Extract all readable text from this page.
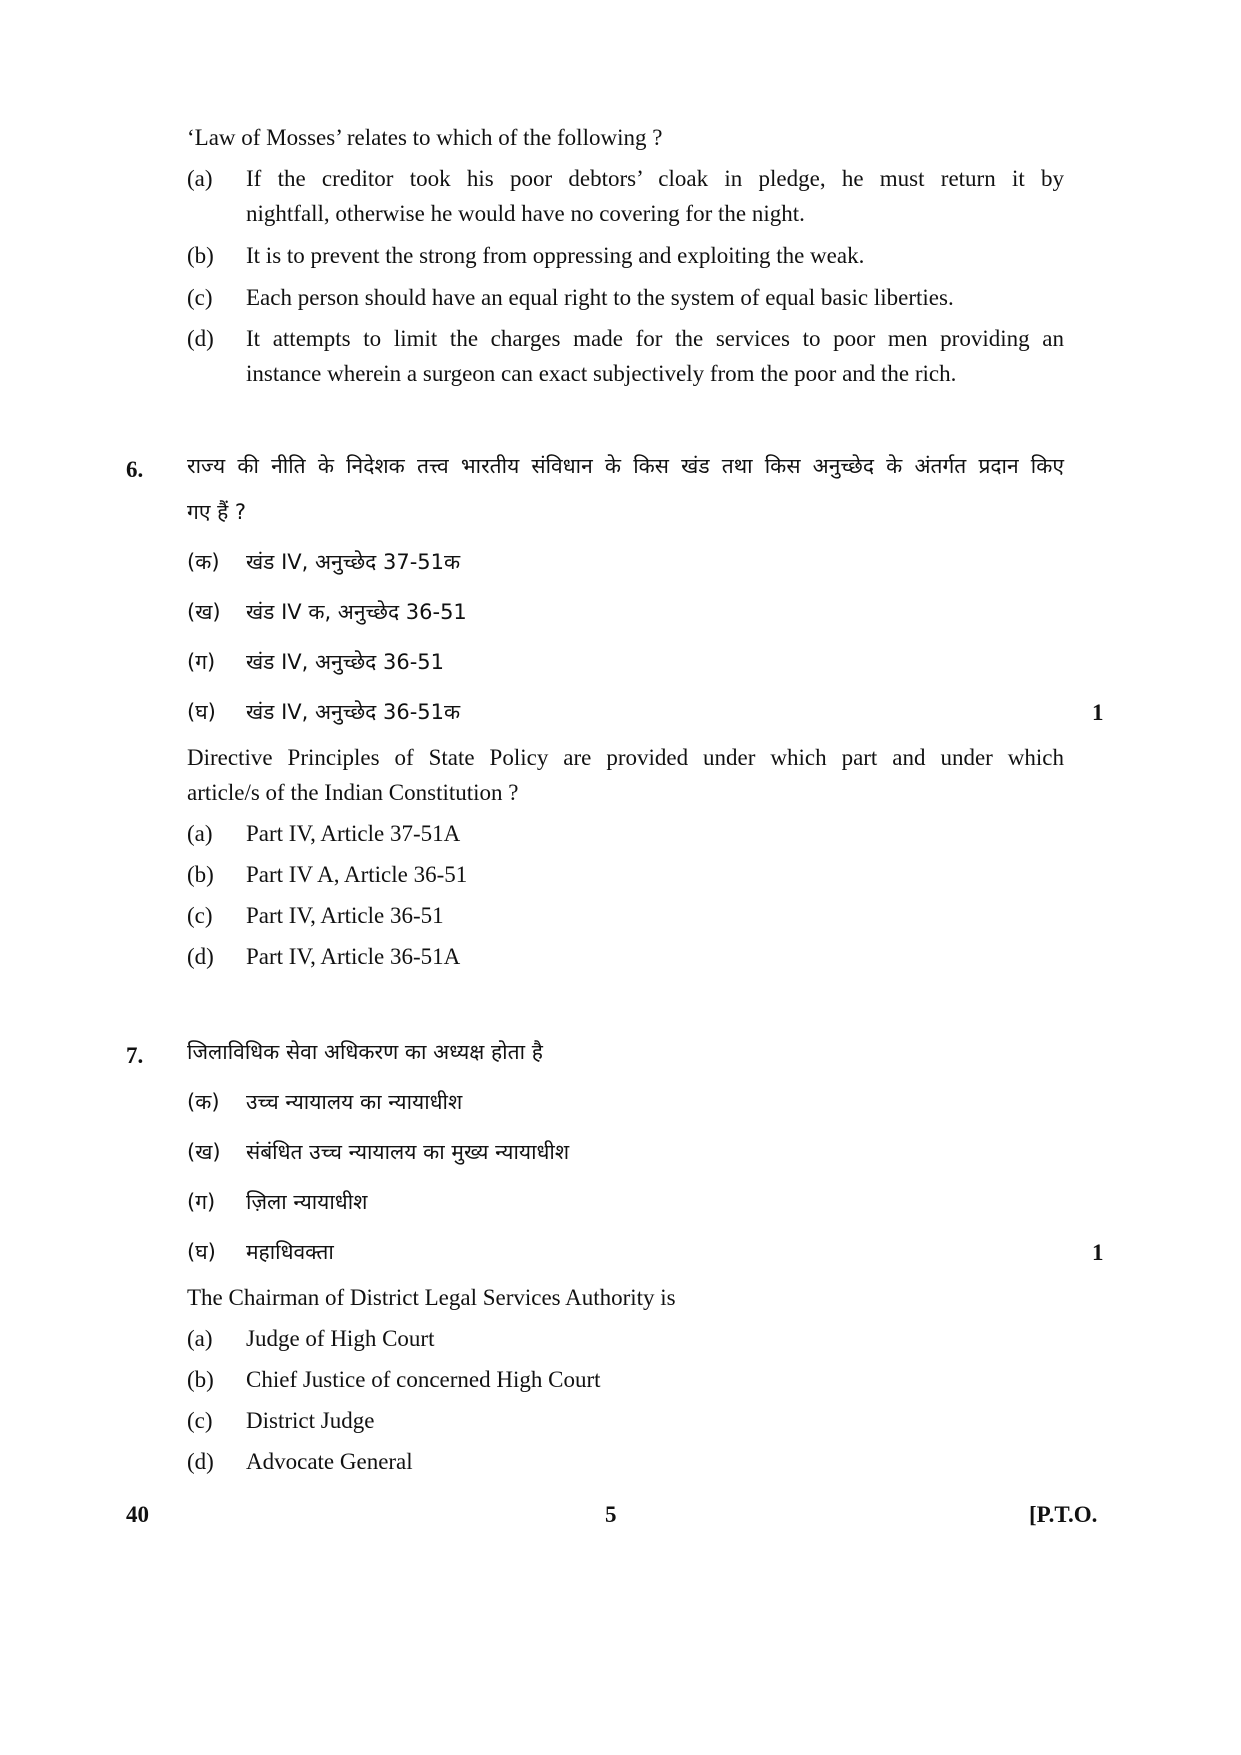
‘Law of Mosses’ relates to which of the following ?
(a) If the creditor took his poor debtors’ cloak in pledge, he must return it by
nightfall, otherwise he would have no covering for the night.
(b) It is to prevent the strong from oppressing and exploiting the weak.
(c) Each person should have an equal right to the system of equal basic liberties.
(d) It attempts to limit the charges made for the services to poor men providing an
instance wherein a surgeon can exact subjectively from the poor and the rich.
6. राज्य की नीति के निदेशक तत्त्व भारतीय संविधान के किस खंड तथा किस अनुच्छेद के अंतर्गत प्रदान किए
गए हैं ?
(क) खंड IV, अनुच्छेद 37-51क
(ख) खंड IV क, अनुच्छेद 36-51
(ग) खंड IV, अनुच्छेद 36-51
(घ) खंड IV, अनुच्छेद 36-51क	1
Directive Principles of State Policy are provided under which part and under which
article/s of the Indian Constitution ?
(a) Part IV, Article 37-51A
(b) Part IV A, Article 36-51
(c) Part IV, Article 36-51
(d) Part IV, Article 36-51A
7. जिलाविधिक सेवा अधिकरण का अध्यक्ष होता है
(क) उच्च न्यायालय का न्यायाधीश
(ख) संबंधित उच्च न्यायालय का मुख्य न्यायाधीश
(ग) ज़िला न्यायाधीश
(घ) महाधिवक्ता	1
The Chairman of District Legal Services Authority is
(a) Judge of High Court
(b) Chief Justice of concerned High Court
(c) District Judge
(d) Advocate General
40	5	[P.T.O.
